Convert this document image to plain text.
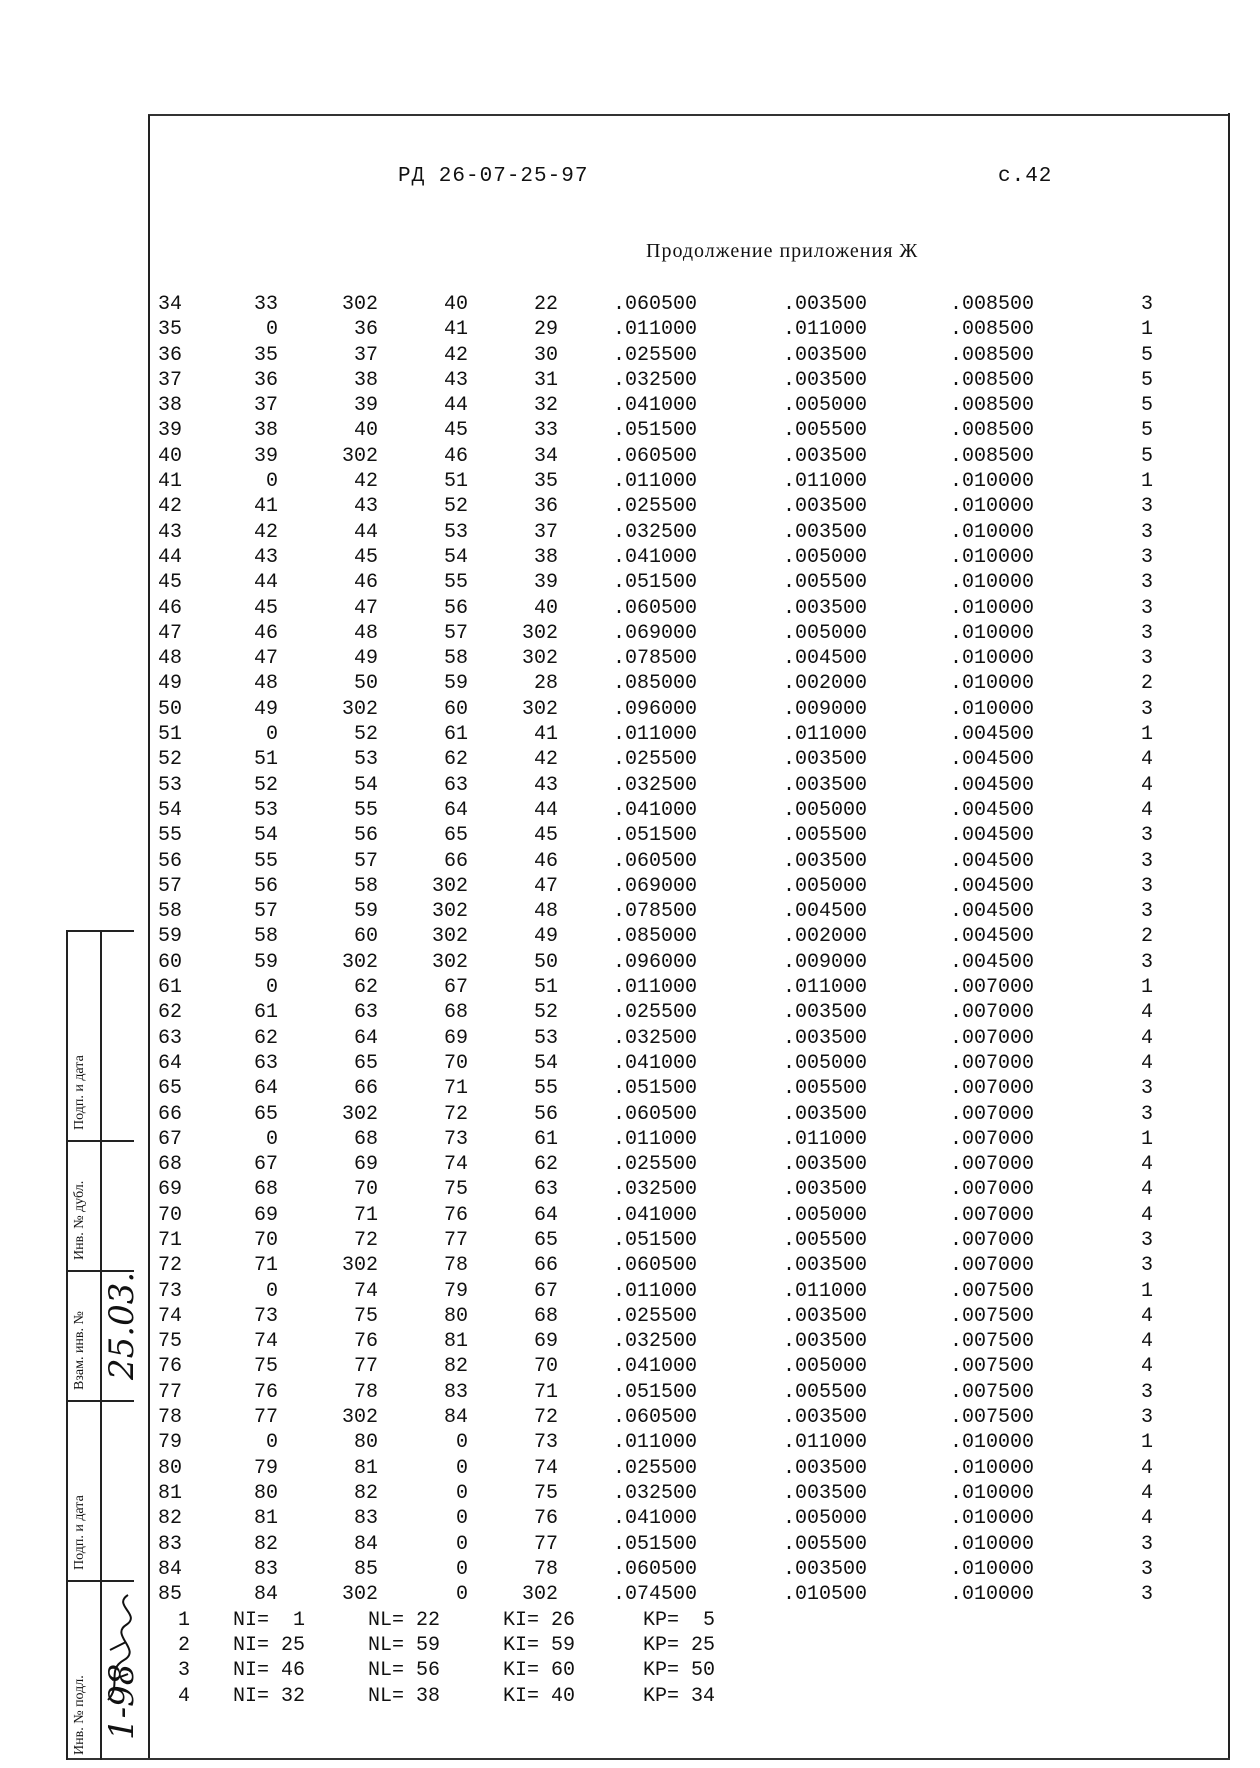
РД 26-07-25-97	с.42
Продолжение приложения Ж
34	33	302	40	22	.060500	.003500	.008500	3
35	0	36	41	29	.011000	.011000	.008500	1
36	35	37	42	30	.025500	.003500	.008500	5
37	36	38	43	31	.032500	.003500	.008500	5
38	37	39	44	32	.041000	.005000	.008500	5
39	38	40	45	33	.051500	.005500	.008500	5
40	39	302	46	34	.060500	.003500	.008500	5
41	0	42	51	35	.011000	.011000	.010000	1
42	41	43	52	36	.025500	.003500	.010000	3
43	42	44	53	37	.032500	.003500	.010000	3
44	43	45	54	38	.041000	.005000	.010000	3
45	44	46	55	39	.051500	.005500	.010000	3
46	45	47	56	40	.060500	.003500	.010000	3
47	46	48	57	302	.069000	.005000	.010000	3
48	47	49	58	302	.078500	.004500	.010000	3
49	48	50	59	28	.085000	.002000	.010000	2
50	49	302	60	302	.096000	.009000	.010000	3
51	0	52	61	41	.011000	.011000	.004500	1
52	51	53	62	42	.025500	.003500	.004500	4
53	52	54	63	43	.032500	.003500	.004500	4
54	53	55	64	44	.041000	.005000	.004500	4
55	54	56	65	45	.051500	.005500	.004500	3
56	55	57	66	46	.060500	.003500	.004500	3
57	56	58	302	47	.069000	.005000	.004500	3
58	57	59	302	48	.078500	.004500	.004500	3
59	58	60	302	49	.085000	.002000	.004500	2
60	59	302	302	50	.096000	.009000	.004500	3
61	0	62	67	51	.011000	.011000	.007000	1
62	61	63	68	52	.025500	.003500	.007000	4
63	62	64	69	53	.032500	.003500	.007000	4
64	63	65	70	54	.041000	.005000	.007000	4
65	64	66	71	55	.051500	.005500	.007000	3
66	65	302	72	56	.060500	.003500	.007000	3
67	0	68	73	61	.011000	.011000	.007000	1
68	67	69	74	62	.025500	.003500	.007000	4
69	68	70	75	63	.032500	.003500	.007000	4
70	69	71	76	64	.041000	.005000	.007000	4
71	70	72	77	65	.051500	.005500	.007000	3
72	71	302	78	66	.060500	.003500	.007000	3
73	0	74	79	67	.011000	.011000	.007500	1
74	73	75	80	68	.025500	.003500	.007500	4
75	74	76	81	69	.032500	.003500	.007500	4
76	75	77	82	70	.041000	.005000	.007500	4
77	76	78	83	71	.051500	.005500	.007500	3
78	77	302	84	72	.060500	.003500	.007500	3
79	0	80	0	73	.011000	.011000	.010000	1
80	79	81	0	74	.025500	.003500	.010000	4
81	80	82	0	75	.032500	.003500	.010000	4
82	81	83	0	76	.041000	.005000	.010000	4
83	82	84	0	77	.051500	.005500	.010000	3
84	83	85	0	78	.060500	.003500	.010000	3
85	84	302	0	302	.074500	.010500	.010000	3
1 NI=  1	NL= 22	KI= 26	KP=  5
2 NI= 25	NL= 59	KI= 59	KP= 25
3 NI= 46	NL= 56	KI= 60	KP= 50
4 NI= 32	NL= 38	KI= 40	KP= 34
Инв. № подл.
Подп. и дата
Взам. инв. №
Инв. № дубл.
Подп. и дата
1-98
25.03.
